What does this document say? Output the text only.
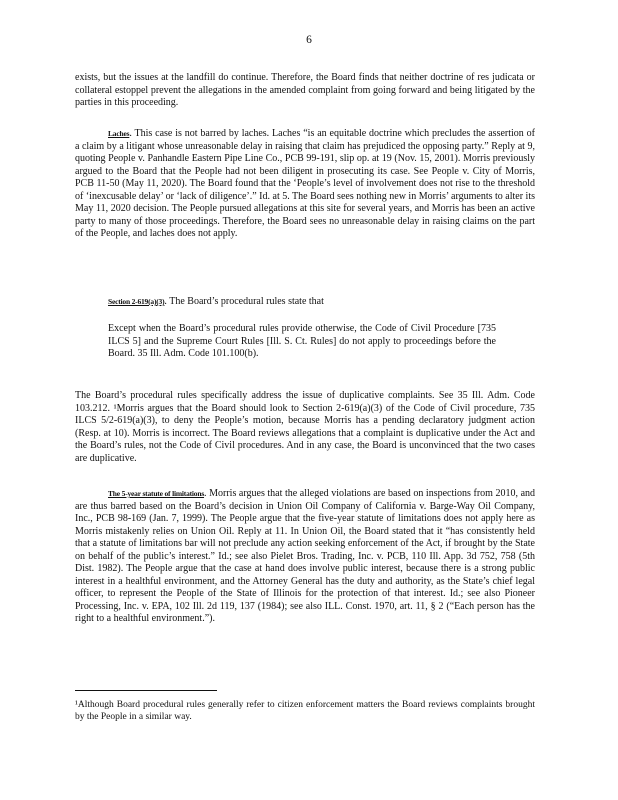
6

exists, but the issues at the landfill do continue. Therefore, the Board finds that neither doctrine of res judicata or collateral estoppel prevent the allegations in the amended complaint from going forward and being litigated by the parties in this proceeding.

Laches. This case is not barred by laches. Laches “is an equitable doctrine which precludes the assertion of a claim by a litigant whose unreasonable delay in raising that claim has prejudiced the opposing party.” Reply at 9, quoting People v. Panhandle Eastern Pipe Line Co., PCB 99-191, slip op. at 19 (Nov. 15, 2001). Morris previously argued to the Board that the People had not been diligent in prosecuting its case. See People v. City of Morris, PCB 11-50 (May 11, 2020). The Board found that the ‘People’s level of involvement does not rise to the threshold of ‘inexcusable delay’ or ‘lack of diligence’.” Id. at 5. The Board sees nothing new in Morris’ arguments to alter its May 11, 2020 decision. The People pursued allegations at this site for several years, and Morris has been an active party to many of those proceedings. Therefore, the Board sees no unreasonable delay in raising claims on the part of the People, and laches does not apply.

Section 2-619(a)(3). The Board’s procedural rules state that

Except when the Board’s procedural rules provide otherwise, the Code of Civil Procedure [735 ILCS 5] and the Supreme Court Rules [Ill. S. Ct. Rules] do not apply to proceedings before the Board. 35 Ill. Adm. Code 101.100(b).

The Board’s procedural rules specifically address the issue of duplicative complaints. See 35 Ill. Adm. Code 103.212. ¹Morris argues that the Board should look to Section 2-619(a)(3) of the Code of Civil procedure, 735 ILCS 5/2-619(a)(3), to deny the People’s motion, because Morris has a pending declaratory judgment action (Resp. at 10). Morris is incorrect. The Board reviews allegations that a complaint is duplicative under the Act and the Board’s rules, not the Code of Civil procedures. And in any case, the Board is unconvinced that the two cases are duplicative.

The 5-year statute of limitations. Morris argues that the alleged violations are based on inspections from 2010, and are thus barred based on the Board’s decision in Union Oil Company of California v. Barge-Way Oil Company, Inc., PCB 98-169 (Jan. 7, 1999). The People argue that the five-year statute of limitations does not apply here as Morris mistakenly relies on Union Oil. Reply at 11. In Union Oil, the Board stated that it “has consistently held that a statute of limitations bar will not preclude any action seeking enforcement of the Act, if brought by the State on behalf of the public’s interest.” Id.; see also Pielet Bros. Trading, Inc. v. PCB, 110 Ill. App. 3d 752, 758 (5th Dist. 1982). The People argue that the case at hand does involve public interest, because there is a strong public interest in a healthful environment, and the Attorney General has the duty and authority, as the State’s chief legal officer, to represent the People of the State of Illinois for the protection of that interest. Id.; see also Pioneer Processing, Inc. v. EPA, 102 Ill. 2d 119, 137 (1984); see also ILL. Const. 1970, art. 11, § 2 (“Each person has the right to a healthful environment.”).

¹Although Board procedural rules generally refer to citizen enforcement matters the Board reviews complaints brought by the People in a similar way.
